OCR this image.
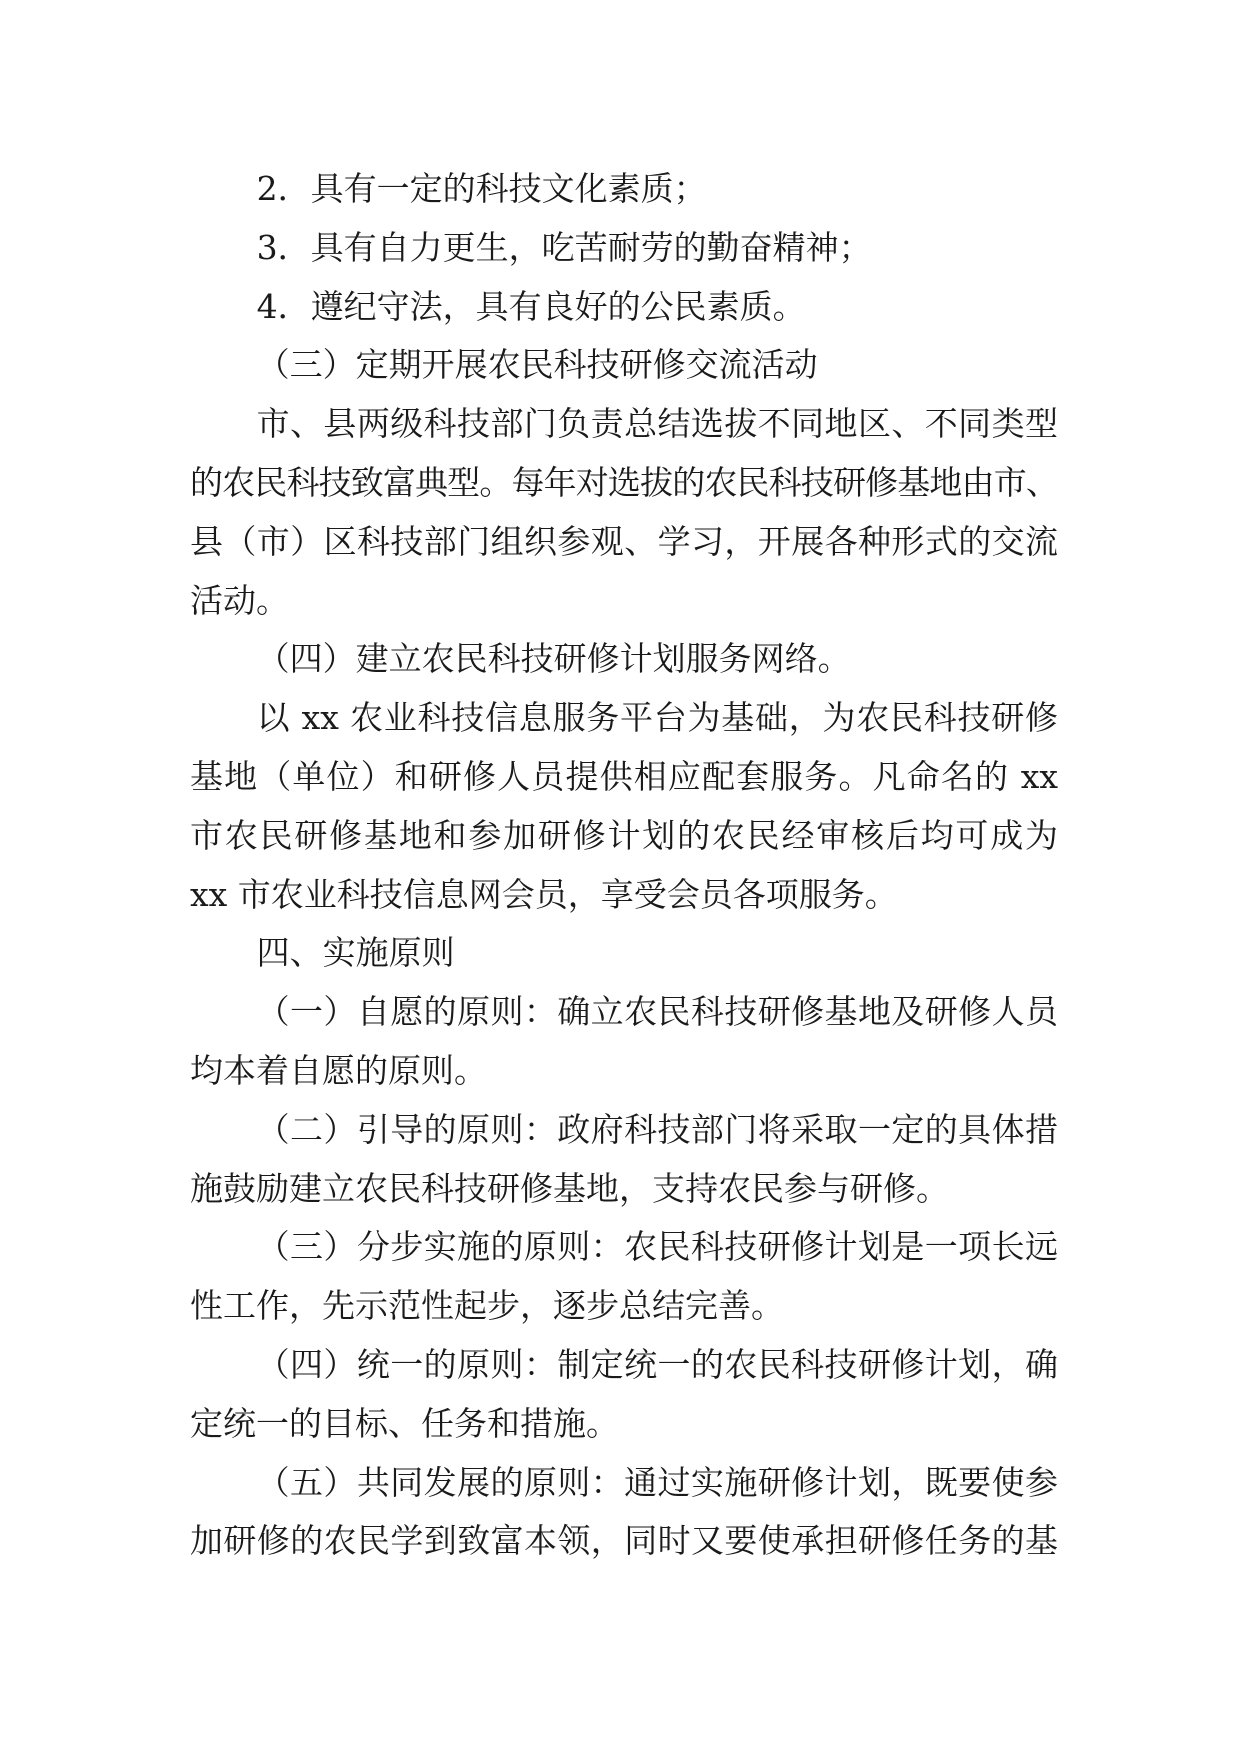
2．具有一定的科技文化素质；
3．具有自力更生，吃苦耐劳的勤奋精神；
4．遵纪守法，具有良好的公民素质。
（三）定期开展农民科技研修交流活动
市、县两级科技部门负责总结选拔不同地区、不同类型
的农民科技致富典型。每年对选拔的农民科技研修基地由市、
县（市）区科技部门组织参观、学习，开展各种形式的交流
活动。
（四）建立农民科技研修计划服务网络。
以 xx 农业科技信息服务平台为基础，为农民科技研修
基地（单位）和研修人员提供相应配套服务。凡命名的 xx
市农民研修基地和参加研修计划的农民经审核后均可成为
xx 市农业科技信息网会员，享受会员各项服务。
四、实施原则
（一）自愿的原则：确立农民科技研修基地及研修人员
均本着自愿的原则。
（二）引导的原则：政府科技部门将采取一定的具体措
施鼓励建立农民科技研修基地，支持农民参与研修。
（三）分步实施的原则：农民科技研修计划是一项长远
性工作，先示范性起步，逐步总结完善。
（四）统一的原则：制定统一的农民科技研修计划，确
定统一的目标、任务和措施。
（五）共同发展的原则：通过实施研修计划，既要使参
加研修的农民学到致富本领，同时又要使承担研修任务的基
